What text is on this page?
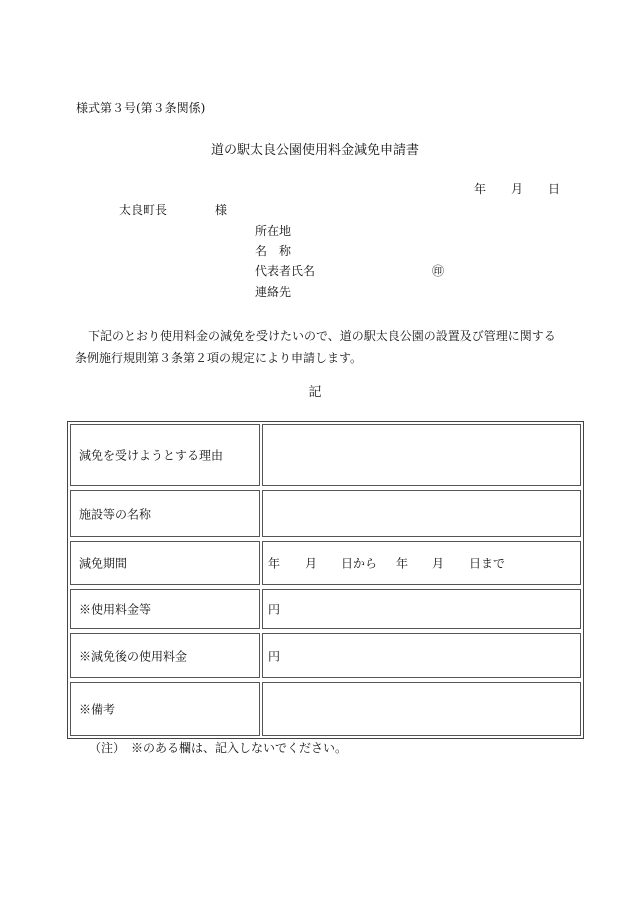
様式第３号(第３条関係)
道の駅太良公園使用料金減免申請書
年 月 日
太良町長	様
所在地
名　称
代表者氏名	㊞
連絡先
下記のとおり使用料金の減免を受けたいので、道の駅太良公園の設置及び管理に関する
条例施行規則第３条第２項の規定により申請します。
記
減免を受けようとする理由
施設等の名称
減免期間	年 月 日から 年 月 日まで
※使用料金等	円
※減免後の使用料金	円
※備考
（注）　※のある欄は、記入しないでください。
